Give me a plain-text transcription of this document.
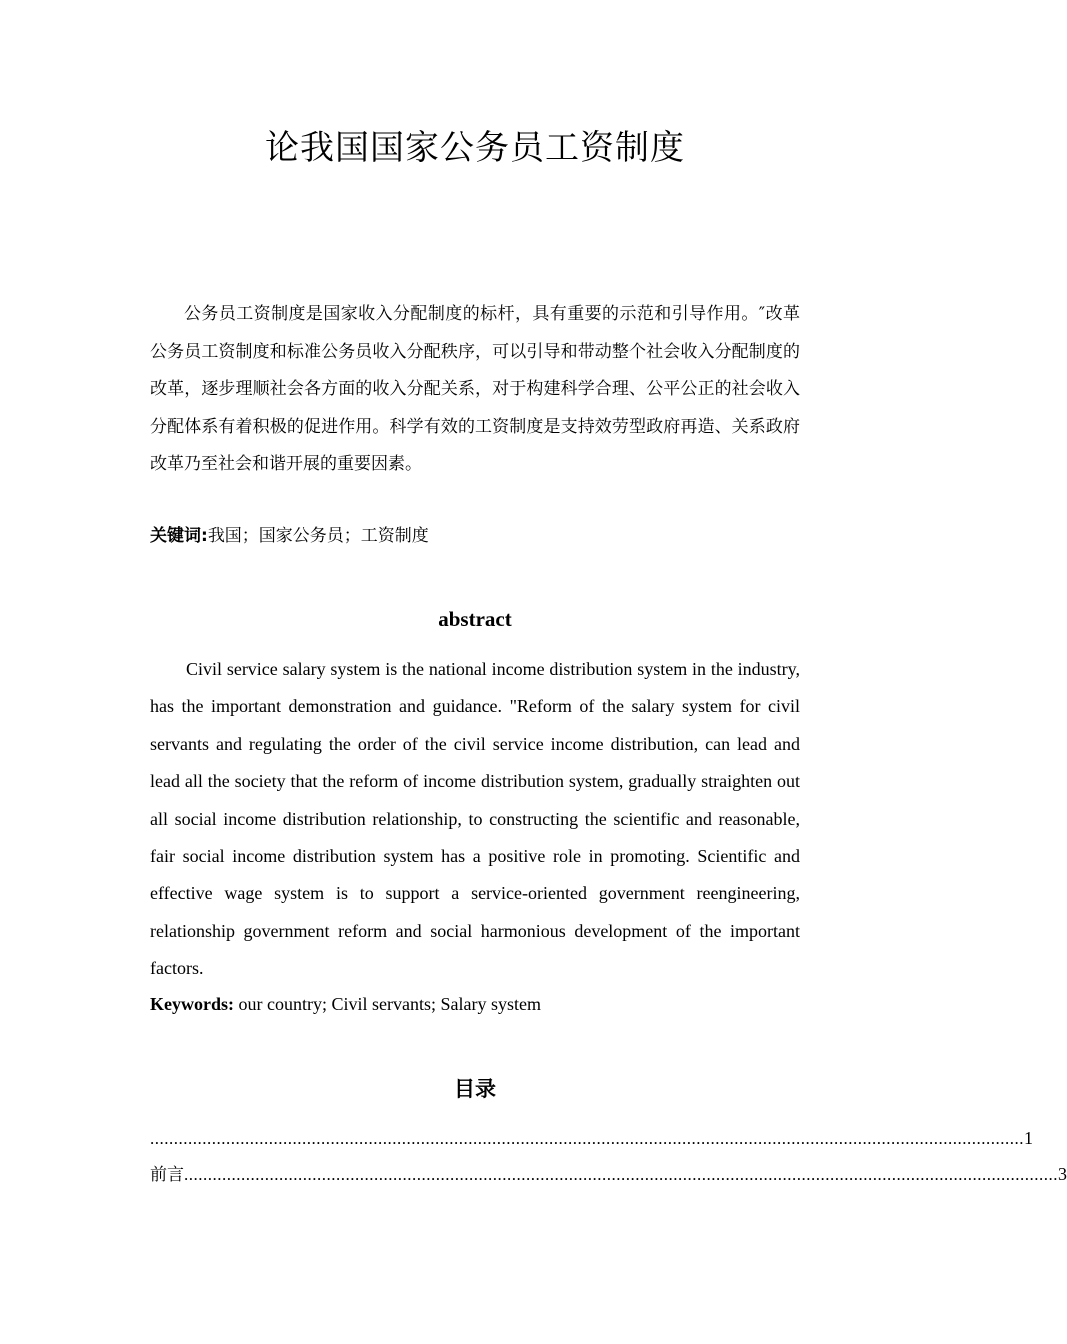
论我国国家公务员工资制度

公务员工资制度是国家收入分配制度的标杆，具有重要的示范和引导作用。″改革公务员工资制度和标准公务员收入分配秩序，可以引导和带动整个社会收入分配制度的改革，逐步理顺社会各方面的收入分配关系，对于构建科学合理、公平公正的社会收入分配体系有着积极的促进作用。科学有效的工资制度是支持效劳型政府再造、关系政府改革乃至社会和谐开展的重要因素。

关键词:我国；国家公务员；工资制度

abstract

Civil service salary system is the national income distribution system in the industry, has the important demonstration and guidance. "Reform of the salary system for civil servants and regulating the order of the civil service income distribution, can lead and lead all the society that the reform of income distribution system, gradually straighten out all social income distribution relationship, to constructing the scientific and reasonable, fair social income distribution system has a positive role in promoting. Scientific and effective wage system is to support a service-oriented government reengineering, relationship government reform and social harmonious development of the important factors.

Keywords: our country; Civil servants; Salary system

目录
........................................................................................................................................................................................ 1
前言 ........................................................................................................................................................................................ 3
